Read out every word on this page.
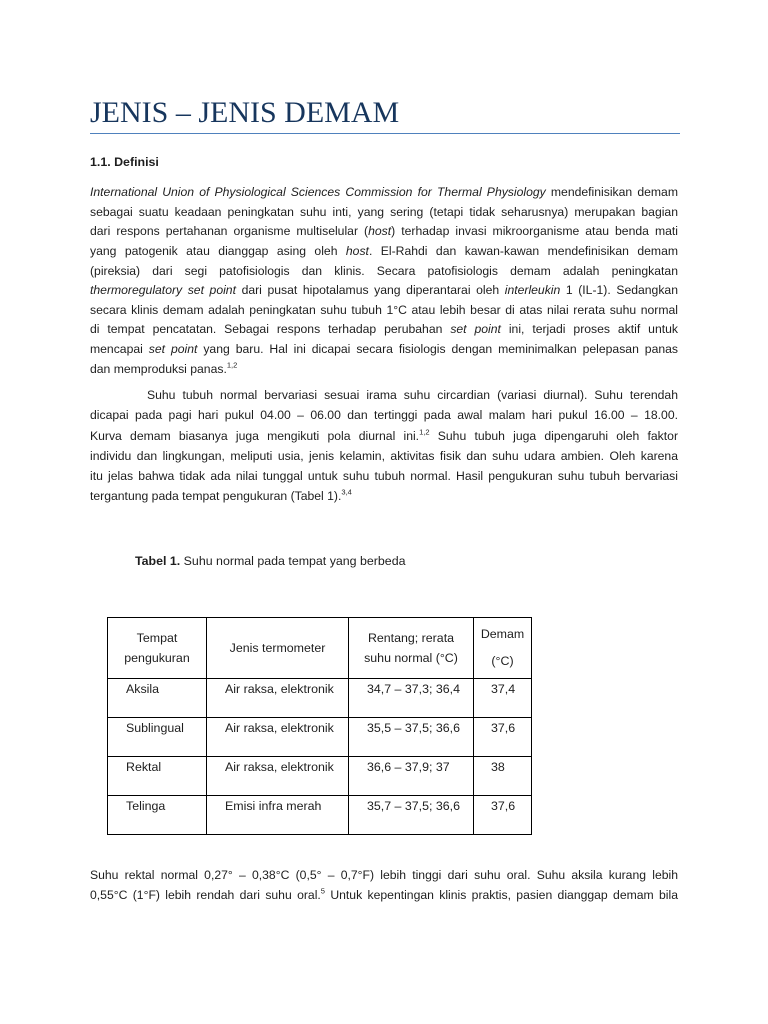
JENIS – JENIS DEMAM
1.1. Definisi
International Union of Physiological Sciences Commission for Thermal Physiology mendefinisikan demam
sebagai suatu keadaan peningkatan suhu inti, yang sering (tetapi tidak seharusnya) merupakan bagian
dari respons pertahanan organisme multiselular (host) terhadap invasi mikroorganisme atau benda mati
yang patogenik atau dianggap asing oleh host. El-Rahdi dan kawan-kawan mendefinisikan demam
(pireksia) dari segi patofisiologis dan klinis. Secara patofisiologis demam adalah peningkatan
thermoregulatory set point dari pusat hipotalamus yang diperantarai oleh interleukin 1 (IL-1). Sedangkan
secara klinis demam adalah peningkatan suhu tubuh 1°C atau lebih besar di atas nilai rerata suhu normal
di tempat pencatatan. Sebagai respons terhadap perubahan set point ini, terjadi proses aktif untuk
mencapai set point yang baru. Hal ini dicapai secara fisiologis dengan meminimalkan pelepasan panas
dan memproduksi panas.$^{1,2}$
Suhu tubuh normal bervariasi sesuai irama suhu circardian (variasi diurnal). Suhu terendah
dicapai pada pagi hari pukul 04.00 – 06.00 dan tertinggi pada awal malam hari pukul 16.00 – 18.00.
Kurva demam biasanya juga mengikuti pola diurnal ini.$^{1,2}$ Suhu tubuh juga dipengaruhi oleh faktor
individu dan lingkungan, meliputi usia, jenis kelamin, aktivitas fisik dan suhu udara ambien. Oleh karena
itu jelas bahwa tidak ada nilai tunggal untuk suhu tubuh normal. Hasil pengukuran suhu tubuh bervariasi
tergantung pada tempat pengukuran (Tabel 1).$^{3,4}$
Tabel 1. Suhu normal pada tempat yang berbeda
Tempat
pengukuran	Jenis termometer	Rentang; rerata
suhu normal (°C)	Demam
(°C)

Aksila	Air raksa, elektronik	34,7 – 37,3; 36,4	37,4
Sublingual	Air raksa, elektronik	35,5 – 37,5; 36,6	37,6
Rektal	Air raksa, elektronik	36,6 – 37,9; 37	38
Telinga	Emisi infra merah	35,7 – 37,5; 36,6	37,6
Suhu rektal normal 0,27° – 0,38°C (0,5° – 0,7°F) lebih tinggi dari suhu oral. Suhu aksila kurang lebih
0,55°C (1°F) lebih rendah dari suhu oral.$^5$ Untuk kepentingan klinis praktis, pasien dianggap demam bila
